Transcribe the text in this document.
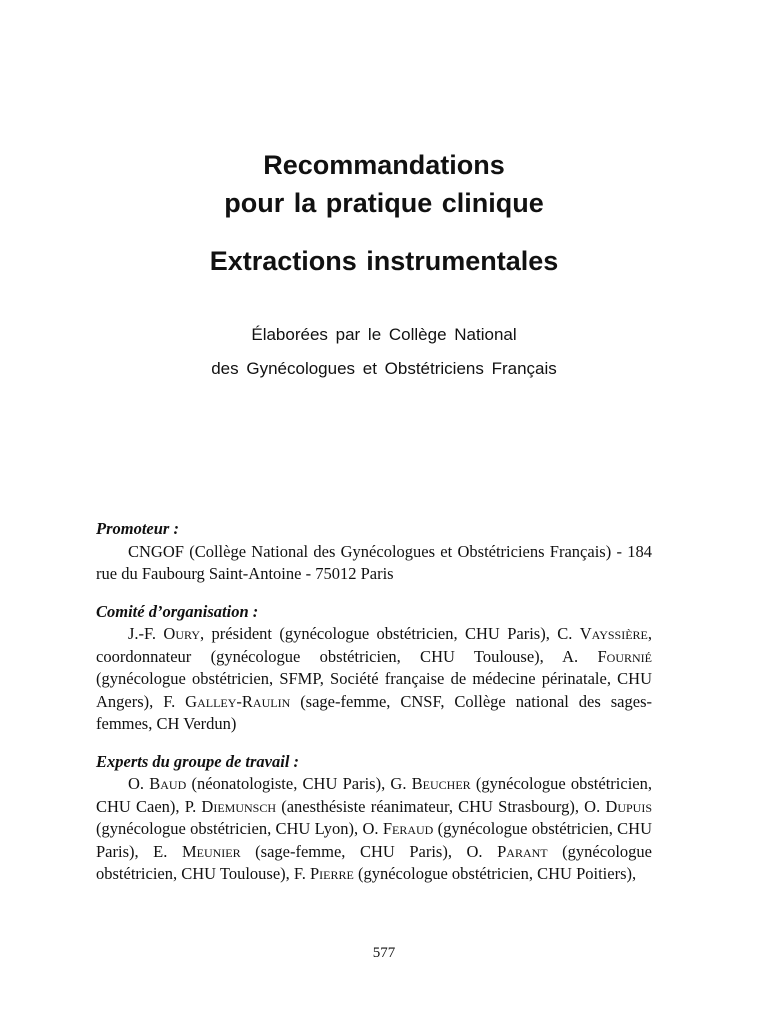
Recommandations
pour la pratique clinique
Extractions instrumentales
Élaborées par le Collège National
des Gynécologues et Obstétriciens Français
Promoteur :
CNGOF (Collège National des Gynécologues et Obstétriciens Français) - 184 rue du Faubourg Saint-Antoine - 75012 Paris
Comité d’organisation :
J.-F. Oury, président (gynécologue obstétricien, CHU Paris), C. Vayssière, coordonnateur (gynécologue obstétricien, CHU Toulouse), A. Fournié (gynécologue obstétricien, SFMP, Société française de médecine périnatale, CHU Angers), F. Galley-Raulin (sage-femme, CNSF, Collège national des sages-femmes, CH Verdun)
Experts du groupe de travail :
O. Baud (néonatologiste, CHU Paris), G. Beucher (gynécologue obstétricien, CHU Caen), P. Diemunsch (anesthésiste réanimateur, CHU Strasbourg), O. Dupuis (gynécologue obstétricien, CHU Lyon), O. Feraud (gynécologue obstétricien, CHU Paris), E. Meunier (sage-femme, CHU Paris), O. Parant (gynécologue obstétricien, CHU Toulouse), F. Pierre (gynécologue obstétricien, CHU Poitiers),
577
